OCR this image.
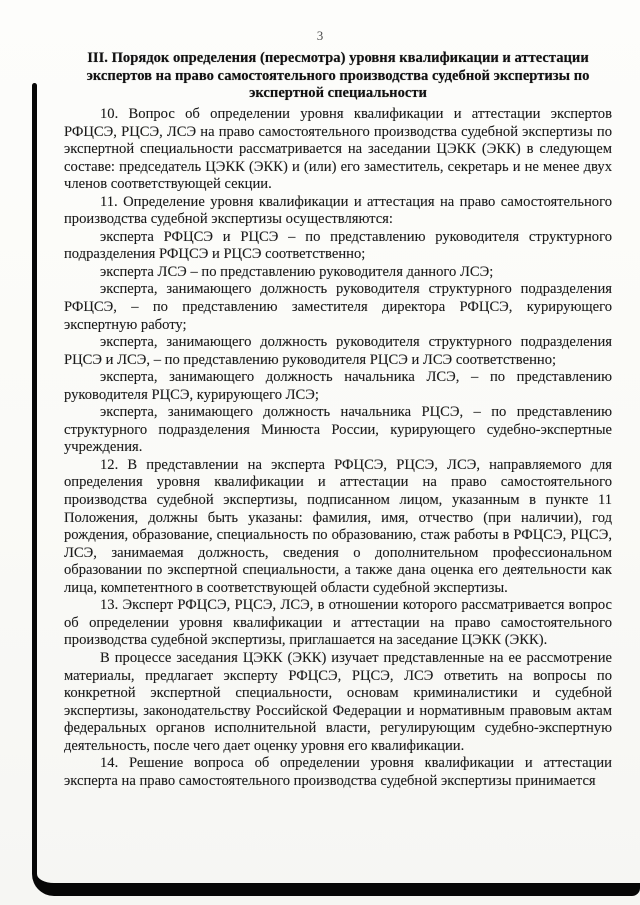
3
III. Порядок определения (пересмотра) уровня квалификации и аттестации экспертов на право самостоятельного производства судебной экспертизы по экспертной специальности

10. Вопрос об определении уровня квалификации и аттестации экспертов РФЦСЭ, РЦСЭ, ЛСЭ на право самостоятельного производства судебной экспертизы по экспертной специальности рассматривается на заседании ЦЭКК (ЭКК) в следующем составе: председатель ЦЭКК (ЭКК) и (или) его заместитель, секретарь и не менее двух членов соответствующей секции.

11. Определение уровня квалификации и аттестация на право самостоятельного производства судебной экспертизы осуществляются:

эксперта РФЦСЭ и РЦСЭ – по представлению руководителя структурного подразделения РФЦСЭ и РЦСЭ соответственно;

эксперта ЛСЭ – по представлению руководителя данного ЛСЭ;

эксперта, занимающего должность руководителя структурного подразделения РФЦСЭ, – по представлению заместителя директора РФЦСЭ, курирующего экспертную работу;

эксперта, занимающего должность руководителя структурного подразделения РЦСЭ и ЛСЭ, – по представлению руководителя РЦСЭ и ЛСЭ соответственно;

эксперта, занимающего должность начальника ЛСЭ, – по представлению руководителя РЦСЭ, курирующего ЛСЭ;

эксперта, занимающего должность начальника РЦСЭ, – по представлению структурного подразделения Минюста России, курирующего судебно-экспертные учреждения.

12. В представлении на эксперта РФЦСЭ, РЦСЭ, ЛСЭ, направляемого для определения уровня квалификации и аттестации на право самостоятельного производства судебной экспертизы, подписанном лицом, указанным в пункте 11 Положения, должны быть указаны: фамилия, имя, отчество (при наличии), год рождения, образование, специальность по образованию, стаж работы в РФЦСЭ, РЦСЭ, ЛСЭ, занимаемая должность, сведения о дополнительном профессиональном образовании по экспертной специальности, а также дана оценка его деятельности как лица, компетентного в соответствующей области судебной экспертизы.

13. Эксперт РФЦСЭ, РЦСЭ, ЛСЭ, в отношении которого рассматривается вопрос об определении уровня квалификации и аттестации на право самостоятельного производства судебной экспертизы, приглашается на заседание ЦЭКК (ЭКК).

В процессе заседания ЦЭКК (ЭКК) изучает представленные на ее рассмотрение материалы, предлагает эксперту РФЦСЭ, РЦСЭ, ЛСЭ ответить на вопросы по конкретной экспертной специальности, основам криминалистики и судебной экспертизы, законодательству Российской Федерации и нормативным правовым актам федеральных органов исполнительной власти, регулирующим судебно-экспертную деятельность, после чего дает оценку уровня его квалификации.

14. Решение вопроса об определении уровня квалификации и аттестации эксперта на право самостоятельного производства судебной экспертизы принимается
